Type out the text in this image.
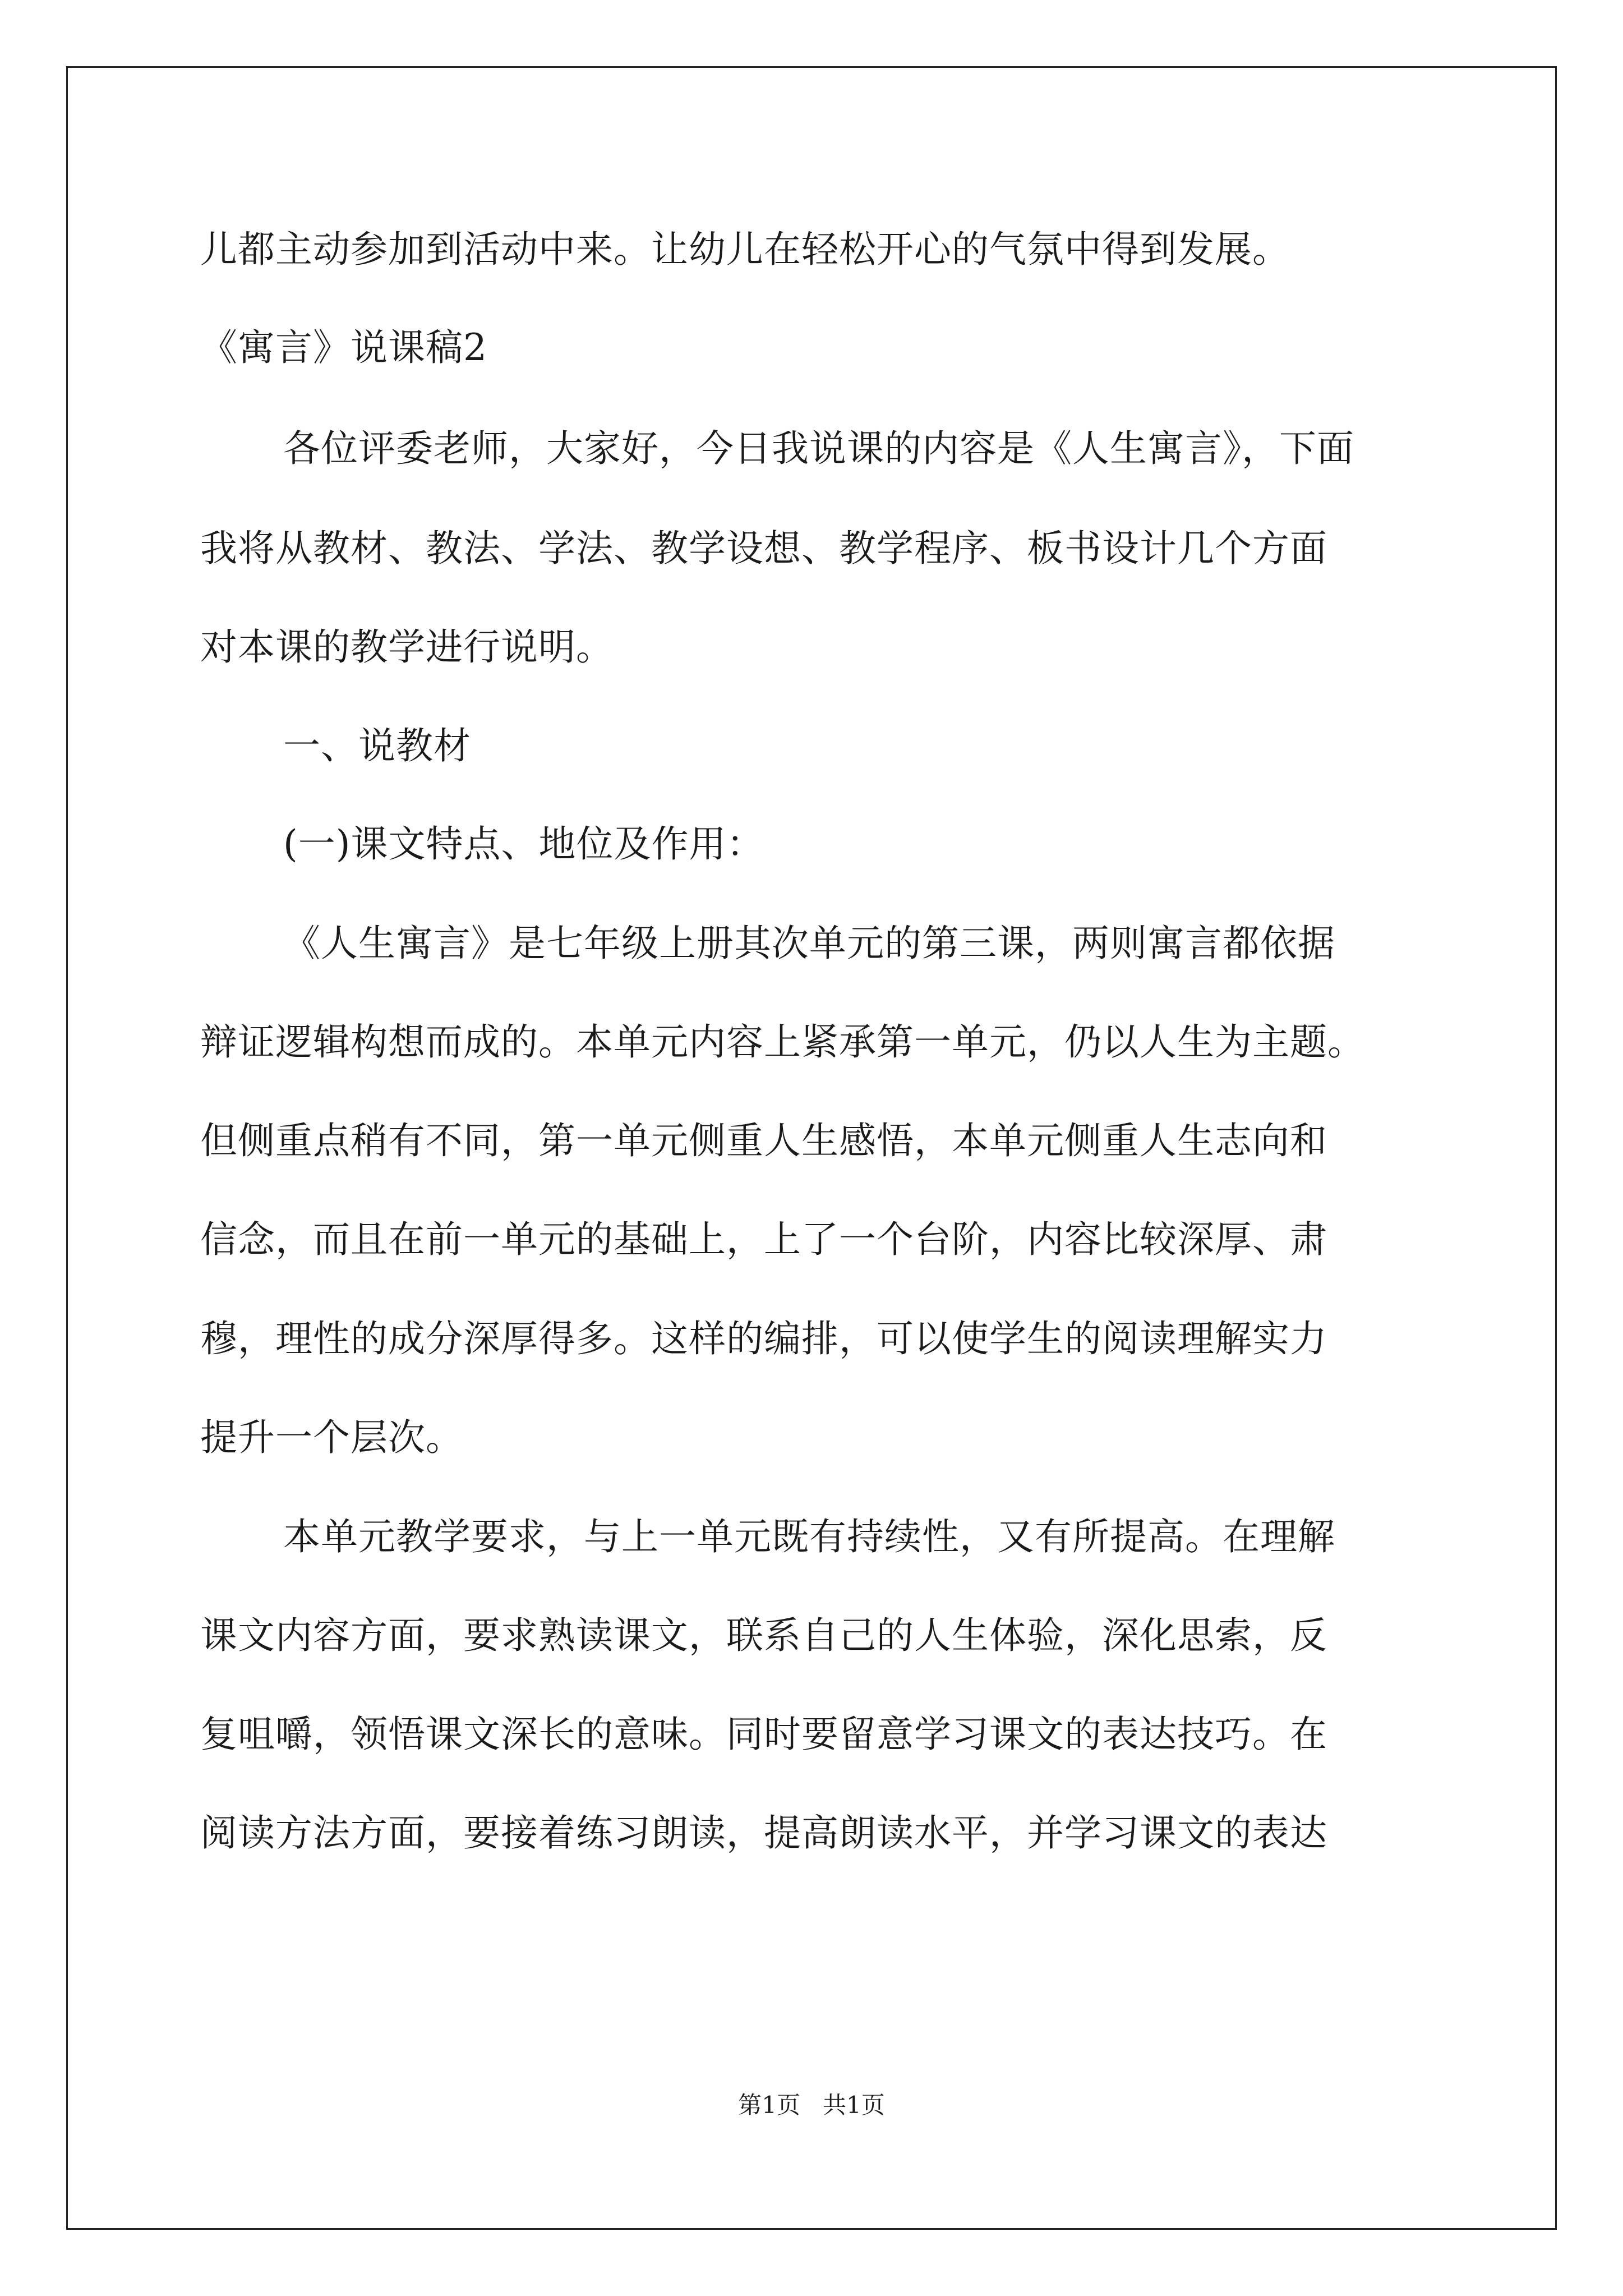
儿都主动参加到活动中来。让幼儿在轻松开心的气氛中得到发展。
《寓言》说课稿2
各位评委老师，大家好，今日我说课的内容是《人生寓言》，下面
我将从教材、教法、学法、教学设想、教学程序、板书设计几个方面
对本课的教学进行说明。
一、说教材
(一)课文特点、地位及作用：
《人生寓言》是七年级上册其次单元的第三课，两则寓言都依据
辩证逻辑构想而成的。本单元内容上紧承第一单元，仍以人生为主题。
但侧重点稍有不同，第一单元侧重人生感悟，本单元侧重人生志向和
信念，而且在前一单元的基础上，上了一个台阶，内容比较深厚、肃
穆，理性的成分深厚得多。这样的编排，可以使学生的阅读理解实力
提升一个层次。
本单元教学要求，与上一单元既有持续性，又有所提高。在理解
课文内容方面，要求熟读课文，联系自己的人生体验，深化思索，反
复咀嚼，领悟课文深长的意味。同时要留意学习课文的表达技巧。在
阅读方法方面，要接着练习朗读，提高朗读水平，并学习课文的表达
第1页   共1页
